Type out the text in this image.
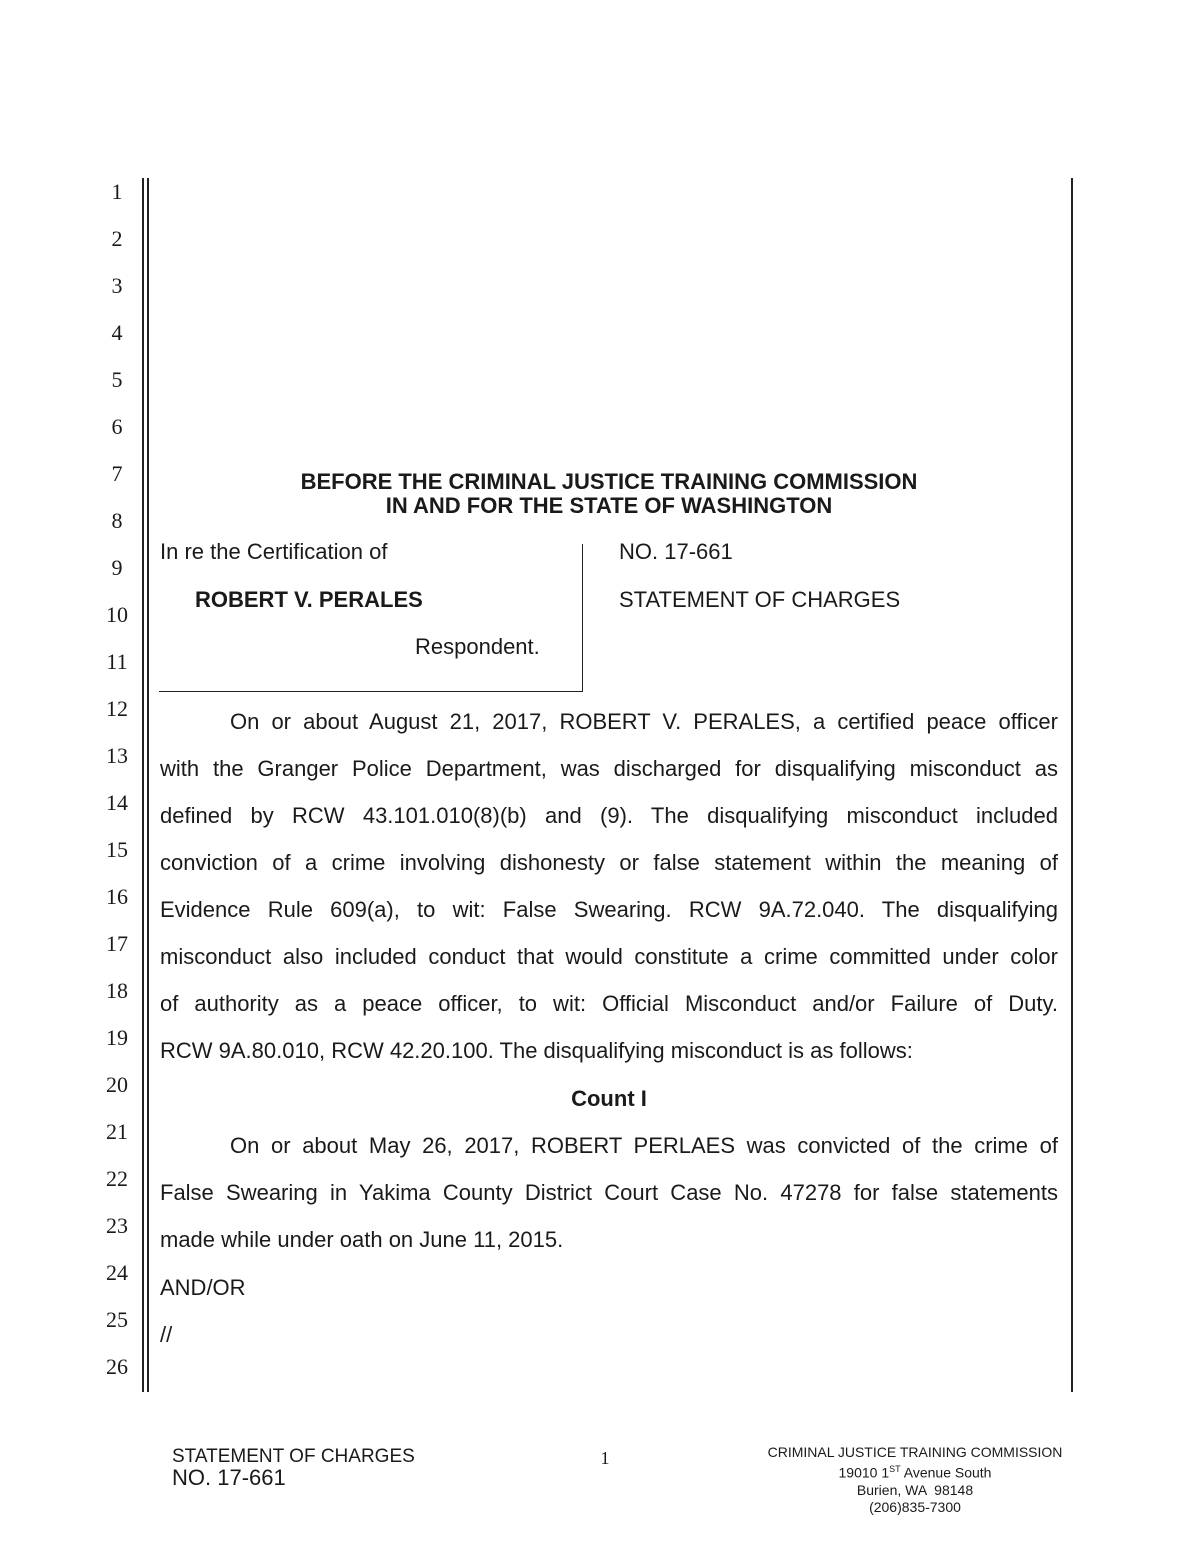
1
2
3
4
5
6
7
8
9
10
11
12
13
14
15
16
17
18
19
20
21
22
23
24
25
26
BEFORE THE CRIMINAL JUSTICE TRAINING COMMISSION
IN AND FOR THE STATE OF WASHINGTON
In re the Certification of
ROBERT V. PERALES
Respondent.
NO. 17-661
STATEMENT OF CHARGES
On or about August 21, 2017, ROBERT V. PERALES, a certified peace officer
with the Granger Police Department, was discharged for disqualifying misconduct as
defined by RCW 43.101.010(8)(b) and (9). The disqualifying misconduct included
conviction of a crime involving dishonesty or false statement within the meaning of
Evidence Rule 609(a), to wit: False Swearing. RCW 9A.72.040. The disqualifying
misconduct also included conduct that would constitute a crime committed under color
of authority as a peace officer, to wit: Official Misconduct and/or Failure of Duty.
RCW 9A.80.010, RCW 42.20.100. The disqualifying misconduct is as follows:
Count I
On or about May 26, 2017, ROBERT PERLAES was convicted of the crime of
False Swearing in Yakima County District Court Case No. 47278 for false statements
made while under oath on June 11, 2015.
AND/OR
//
STATEMENT OF CHARGES
NO. 17-661
1	CRIMINAL JUSTICE TRAINING COMMISSION
19010 1ST Avenue South
Burien, WA  98148
(206)835-7300
